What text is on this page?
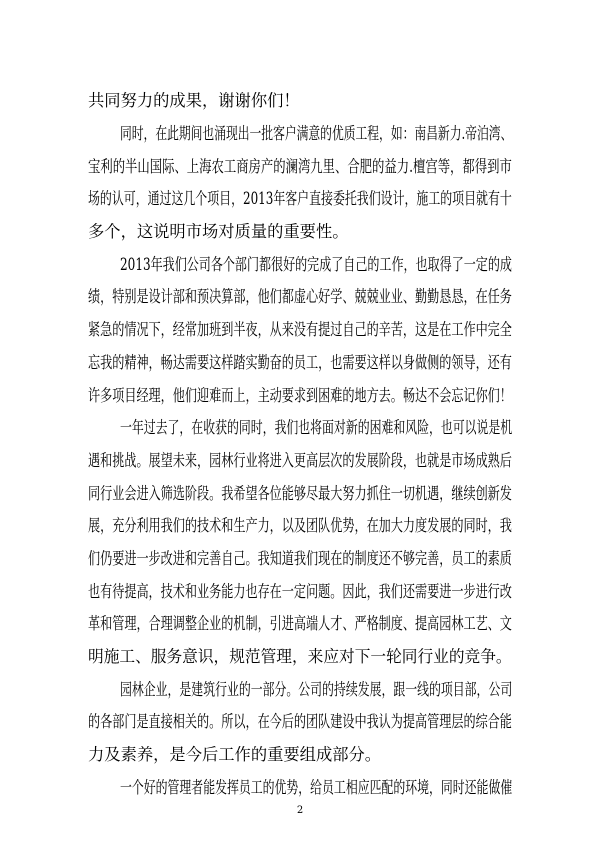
共同努力的成果，谢谢你们！
同时，在此期间也涌现出一批客户满意的优质工程，如：南昌新力.帝泊湾、
宝利的半山国际、上海农工商房产的澜湾九里、合肥的益力.檀宫等，都得到市
场的认可，通过这几个项目，2013年客户直接委托我们设计，施工的项目就有十
多个，这说明市场对质量的重要性。
2013年我们公司各个部门都很好的完成了自己的工作，也取得了一定的成
绩，特别是设计部和预决算部，他们都虚心好学、兢兢业业、勤勤恳恳，在任务
紧急的情况下，经常加班到半夜，从来没有提过自己的辛苦，这是在工作中完全
忘我的精神，畅达需要这样踏实勤奋的员工，也需要这样以身做侧的领导，还有
许多项目经理，他们迎难而上，主动要求到困难的地方去。畅达不会忘记你们！
一年过去了，在收获的同时，我们也将面对新的困难和风险，也可以说是机
遇和挑战。展望未来，园林行业将进入更高层次的发展阶段，也就是市场成熟后
同行业会进入筛选阶段。我希望各位能够尽最大努力抓住一切机遇，继续创新发
展，充分利用我们的技术和生产力，以及团队优势，在加大力度发展的同时，我
们仍要进一步改进和完善自己。我知道我们现在的制度还不够完善，员工的素质
也有待提高，技术和业务能力也存在一定问题。因此，我们还需要进一步进行改
革和管理，合理调整企业的机制，引进高端人才、严格制度、提高园林工艺、文
明施工、服务意识，规范管理，来应对下一轮同行业的竞争。
园林企业，是建筑行业的一部分。公司的持续发展，跟一线的项目部，公司
的各部门是直接相关的。所以，在今后的团队建设中我认为提高管理层的综合能
力及素养，是今后工作的重要组成部分。
一个好的管理者能发挥员工的优势，给员工相应匹配的环境，同时还能做催
2
